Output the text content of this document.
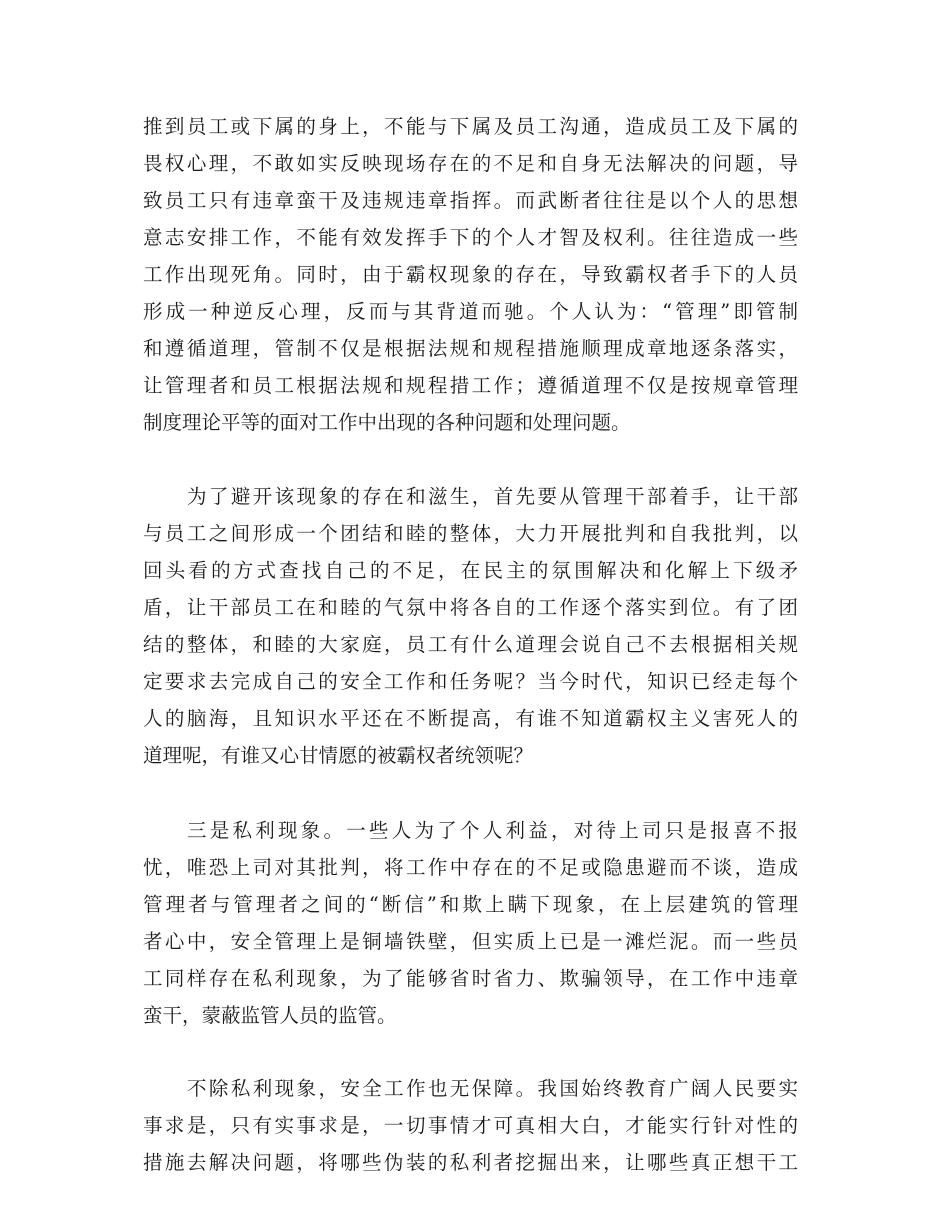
推到员工或下属的身上，不能与下属及员工沟通，造成员工及下属的
畏权心理，不敢如实反映现场存在的不足和自身无法解决的问题，导
致员工只有违章蛮干及违规违章指挥。而武断者往往是以个人的思想
意志安排工作，不能有效发挥手下的个人才智及权利。往往造成一些
工作出现死角。同时，由于霸权现象的存在，导致霸权者手下的人员
形成一种逆反心理，反而与其背道而驰。个人认为：“管理”即管制
和遵循道理，管制不仅是根据法规和规程措施顺理成章地逐条落实，
让管理者和员工根据法规和规程措工作；遵循道理不仅是按规章管理
制度理论平等的面对工作中出现的各种问题和处理问题。
为了避开该现象的存在和滋生，首先要从管理干部着手，让干部
与员工之间形成一个团结和睦的整体，大力开展批判和自我批判，以
回头看的方式查找自己的不足，在民主的氛围解决和化解上下级矛
盾，让干部员工在和睦的气氛中将各自的工作逐个落实到位。有了团
结的整体，和睦的大家庭，员工有什么道理会说自己不去根据相关规
定要求去完成自己的安全工作和任务呢？当今时代，知识已经走每个
人的脑海，且知识水平还在不断提高，有谁不知道霸权主义害死人的
道理呢，有谁又心甘情愿的被霸权者统领呢？
三是私利现象。一些人为了个人利益，对待上司只是报喜不报
忧，唯恐上司对其批判，将工作中存在的不足或隐患避而不谈，造成
管理者与管理者之间的“断信”和欺上瞒下现象，在上层建筑的管理
者心中，安全管理上是铜墙铁壁，但实质上已是一滩烂泥。而一些员
工同样存在私利现象，为了能够省时省力、欺骗领导，在工作中违章
蛮干，蒙蔽监管人员的监管。
不除私利现象，安全工作也无保障。我国始终教育广阔人民要实
事求是，只有实事求是，一切事情才可真相大白，才能实行针对性的
措施去解决问题，将哪些伪装的私利者挖掘出来，让哪些真正想干工
